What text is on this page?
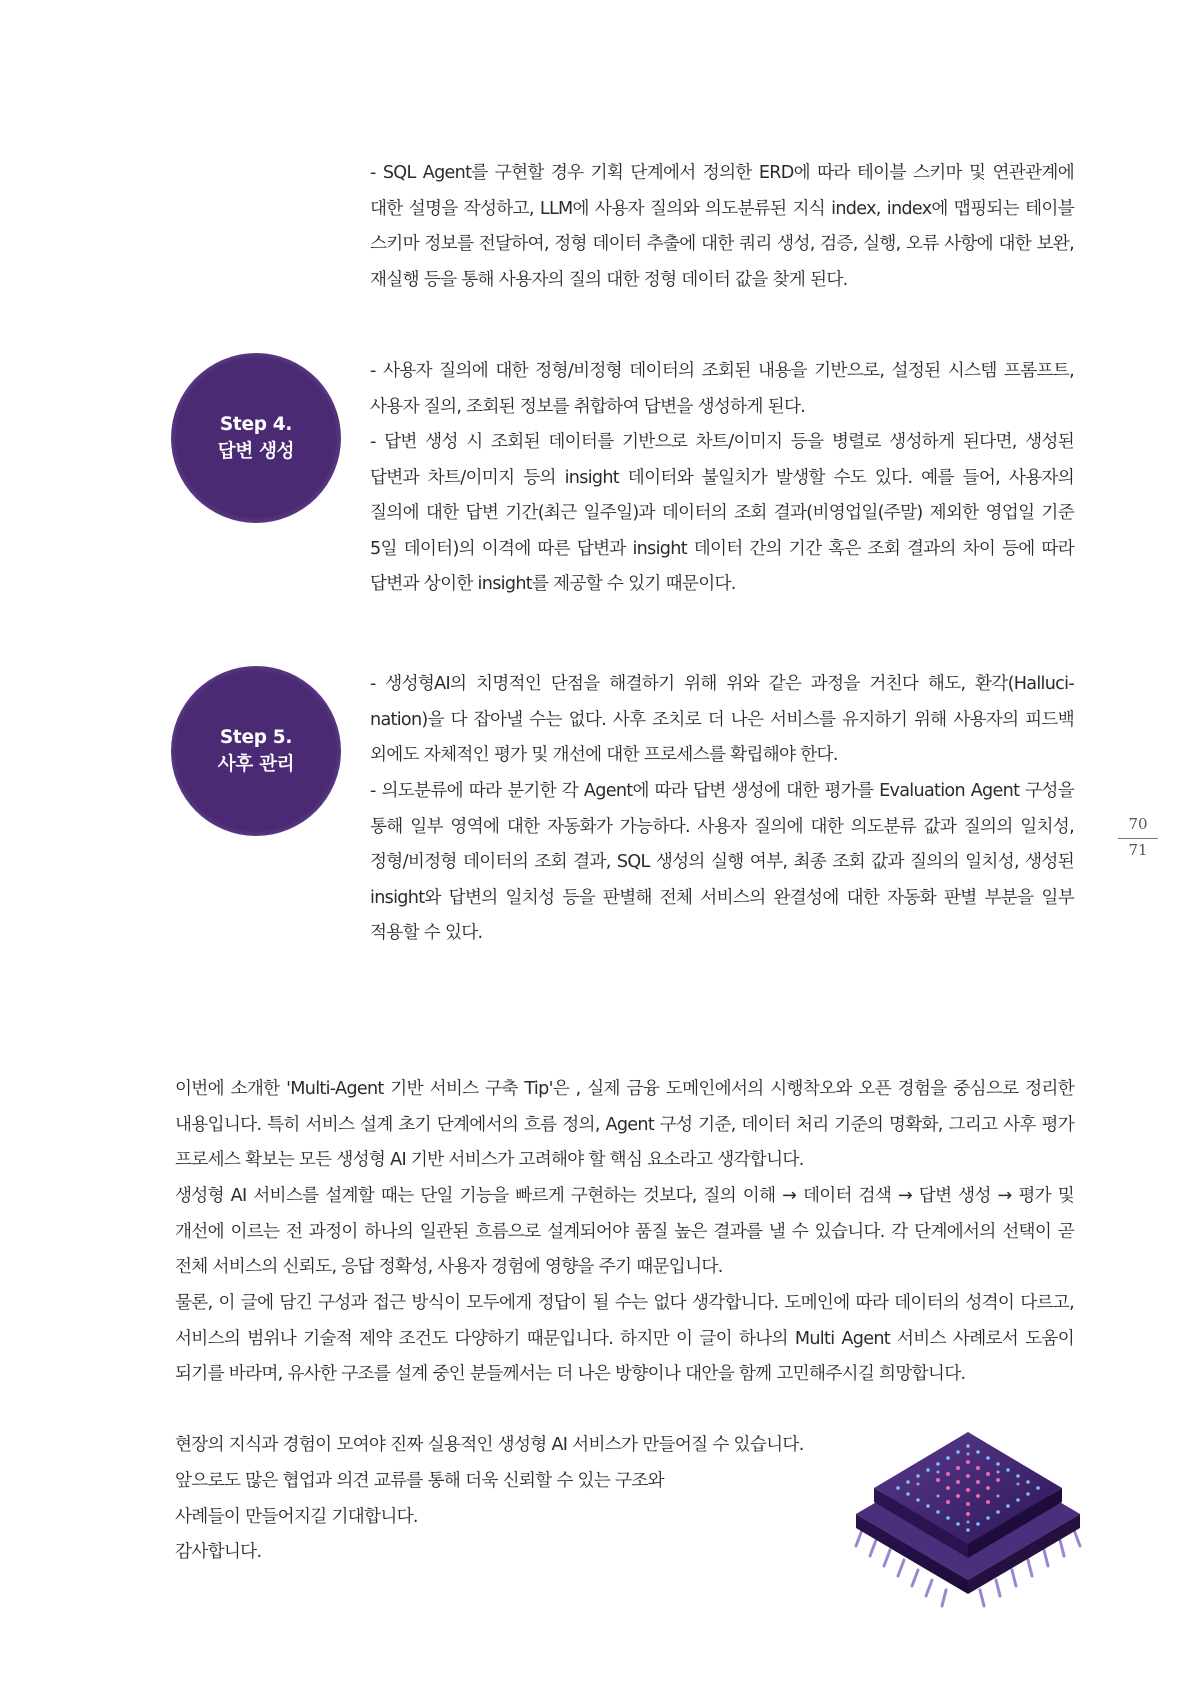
- SQL Agent를 구현할 경우 기획 단계에서 정의한 ERD에 따라 테이블 스키마 및 연관관계에 대한 설명을 작성하고, LLM에 사용자 질의와 의도분류된 지식 index, index에 맵핑되는 테이블 스키마 정보를 전달하여, 정형 데이터 추출에 대한 쿼리 생성, 검증, 실행, 오류 사항에 대한 보완, 재실행 등을 통해 사용자의 질의 대한 정형 데이터 값을 찾게 된다.

Step 4.
답변 생성

- 사용자 질의에 대한 정형/비정형 데이터의 조회된 내용을 기반으로, 설정된 시스템 프롬프트, 사용자 질의, 조회된 정보를 취합하여 답변을 생성하게 된다.

- 답변 생성 시 조회된 데이터를 기반으로 차트/이미지 등을 병렬로 생성하게 된다면, 생성된 답변과 차트/이미지 등의 insight 데이터와 불일치가 발생할 수도 있다. 예를 들어, 사용자의 질의에 대한 답변 기간(최근 일주일)과 데이터의 조회 결과(비영업일(주말) 제외한 영업일 기준 5일 데이터)의 이격에 따른 답변과 insight 데이터 간의 기간 혹은 조회 결과의 차이 등에 따라 답변과 상이한 insight를 제공할 수 있기 때문이다.

Step 5.
사후 관리

- 생성형AI의 치명적인 단점을 해결하기 위해 위와 같은 과정을 거친다 해도, 환각(Halluci-nation)을 다 잡아낼 수는 없다. 사후 조치로 더 나은 서비스를 유지하기 위해 사용자의 피드백 외에도 자체적인 평가 및 개선에 대한 프로세스를 확립해야 한다.

- 의도분류에 따라 분기한 각 Agent에 따라 답변 생성에 대한 평가를 Evaluation Agent 구성을 통해 일부 영역에 대한 자동화가 가능하다. 사용자 질의에 대한 의도분류 값과 질의의 일치성, 정형/비정형 데이터의 조회 결과, SQL 생성의 실행 여부, 최종 조회 값과 질의의 일치성, 생성된 insight와 답변의 일치성 등을 판별해 전체 서비스의 완결성에 대한 자동화 판별 부분을 일부 적용할 수 있다.

70
71

이번에 소개한 'Multi-Agent 기반 서비스 구축 Tip'은 , 실제 금융 도메인에서의 시행착오와 오픈 경험을 중심으로 정리한 내용입니다. 특히 서비스 설계 초기 단계에서의 흐름 정의, Agent 구성 기준, 데이터 처리 기준의 명확화, 그리고 사후 평가 프로세스 확보는 모든 생성형 AI 기반 서비스가 고려해야 할 핵심 요소라고 생각합니다.

생성형 AI 서비스를 설계할 때는 단일 기능을 빠르게 구현하는 것보다, 질의 이해 → 데이터 검색 → 답변 생성 → 평가 및 개선에 이르는 전 과정이 하나의 일관된 흐름으로 설계되어야 품질 높은 결과를 낼 수 있습니다. 각 단계에서의 선택이 곧 전체 서비스의 신뢰도, 응답 정확성, 사용자 경험에 영향을 주기 때문입니다.

물론, 이 글에 담긴 구성과 접근 방식이 모두에게 정답이 될 수는 없다 생각합니다. 도메인에 따라 데이터의 성격이 다르고, 서비스의 범위나 기술적 제약 조건도 다양하기 때문입니다. 하지만 이 글이 하나의 Multi Agent 서비스 사례로서 도움이 되기를 바라며, 유사한 구조를 설계 중인 분들께서는 더 나은 방향이나 대안을 함께 고민해주시길 희망합니다.

현장의 지식과 경험이 모여야 진짜 실용적인 생성형 AI 서비스가 만들어질 수 있습니다.

앞으로도 많은 협업과 의견 교류를 통해 더욱 신뢰할 수 있는 구조와

사례들이 만들어지길 기대합니다.

감사합니다.
